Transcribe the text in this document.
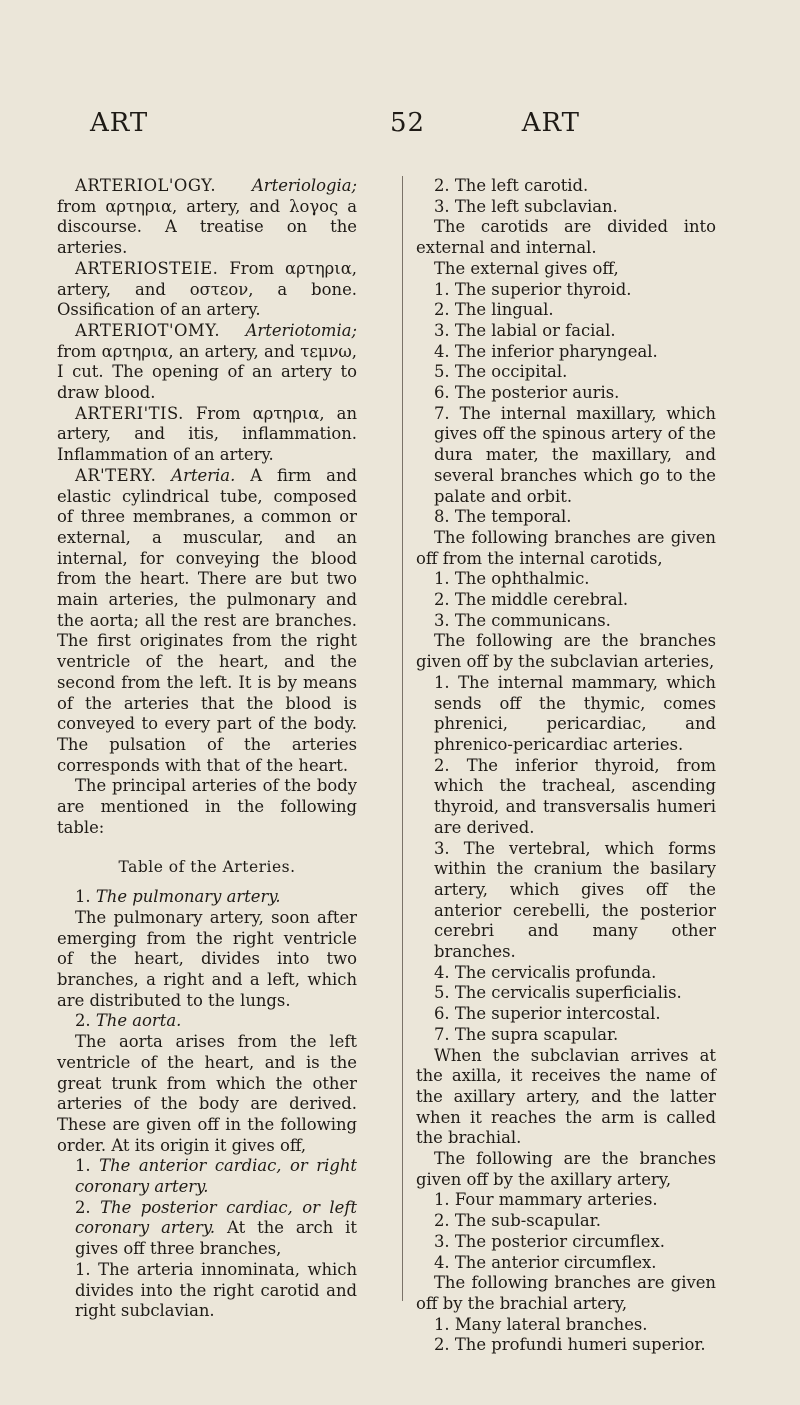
ART	52	ART

ARTERIOL'OGY. Arteriologia; from αρτηρια, artery, and λογος a discourse. A treatise on the arteries.

ARTERIOSTEIE. From αρτηρια, artery, and οστεον, a bone. Ossification of an artery.

ARTERIOT'OMY. Arteriotomia; from αρτηρια, an artery, and τεμνω, I cut. The opening of an artery to draw blood.

ARTERI'TIS. From αρτηρια, an artery, and itis, inflammation. Inflammation of an artery.

AR'TERY. Arteria. A firm and elastic cylindrical tube, composed of three membranes, a common or external, a muscular, and an internal, for conveying the blood from the heart. There are but two main arteries, the pulmonary and the aorta; all the rest are branches. The first originates from the right ventricle of the heart, and the second from the left. It is by means of the arteries that the blood is conveyed to every part of the body. The pulsation of the arteries corresponds with that of the heart.

The principal arteries of the body are mentioned in the following table:

Table of the Arteries.

1. The pulmonary artery.

The pulmonary artery, soon after emerging from the right ventricle of the heart, divides into two branches, a right and a left, which are distributed to the lungs.

2. The aorta.

The aorta arises from the left ventricle of the heart, and is the great trunk from which the other arteries of the body are derived. These are given off in the following order. At its origin it gives off,

1. The anterior cardiac, or right coronary artery.

2. The posterior cardiac, or left coronary artery. At the arch it gives off three branches,

1. The arteria innominata, which divides into the right carotid and right subclavian.

2. The left carotid.

3. The left subclavian.

The carotids are divided into external and internal.

The external gives off,

1. The superior thyroid.

2. The lingual.

3. The labial or facial.

4. The inferior pharyngeal.

5. The occipital.

6. The posterior auris.

7. The internal maxillary, which gives off the spinous artery of the dura mater, the maxillary, and several branches which go to the palate and orbit.

8. The temporal.

The following branches are given off from the internal carotids,

1. The ophthalmic.

2. The middle cerebral.

3. The communicans.

The following are the branches given off by the subclavian arteries,

1. The internal mammary, which sends off the thymic, comes phrenici, pericardiac, and phrenico-pericardiac arteries.

2. The inferior thyroid, from which the tracheal, ascending thyroid, and transversalis humeri are derived.

3. The vertebral, which forms within the cranium the basilary artery, which gives off the anterior cerebelli, the posterior cerebri and many other branches.

4. The cervicalis profunda.

5. The cervicalis superficialis.

6. The superior intercostal.

7. The supra scapular.

When the subclavian arrives at the axilla, it receives the name of the axillary artery, and the latter when it reaches the arm is called the brachial.

The following are the branches given off by the axillary artery,

1. Four mammary arteries.

2. The sub-scapular.

3. The posterior circumflex.

4. The anterior circumflex.

The following branches are given off by the brachial artery,

1. Many lateral branches.

2. The profundi humeri superior.
